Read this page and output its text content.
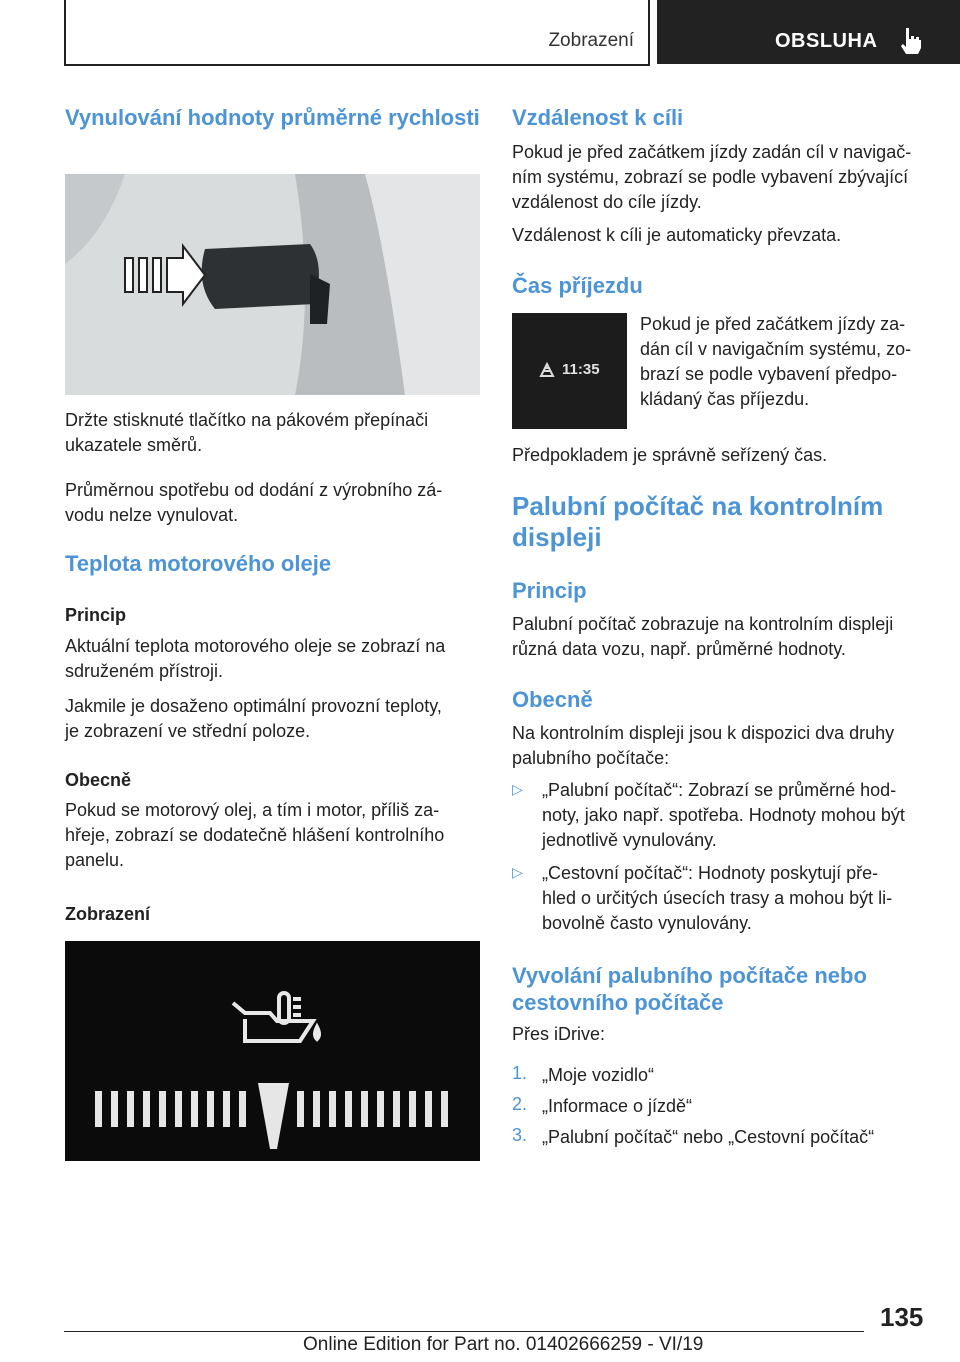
Zobrazení	OBSLUHA
Vynulování hodnoty průměrné rychlosti
Držte stisknuté tlačítko na pákovém přepínači
ukazatele směrů.
Průměrnou spotřebu od dodání z výrobního zá‐
vodu nelze vynulovat.
Teplota motorového oleje
Princip
Aktuální teplota motorového oleje se zobrazí na
sdruženém přístroji.
Jakmile je dosaženo optimální provozní teploty,
je zobrazení ve střední poloze.
Obecně
Pokud se motorový olej, a tím i motor, příliš za‐
hřeje, zobrazí se dodatečně hlášení kontrolního
panelu.
Zobrazení
Vzdálenost k cíli
Pokud je před začátkem jízdy zadán cíl v navigač‐
ním systému, zobrazí se podle vybavení zbývající
vzdálenost do cíle jízdy.
Vzdálenost k cíli je automaticky převzata.
Čas příjezdu
11:35
Pokud je před začátkem jízdy za‐
dán cíl v navigačním systému, zo‐
brazí se podle vybavení předpo‐
kládaný čas příjezdu.
Předpokladem je správně seřízený čas.
Palubní počítač na kontrolním
displeji
Princip
Palubní počítač zobrazuje na kontrolním displeji
různá data vozu, např. průměrné hodnoty.
Obecně
Na kontrolním displeji jsou k dispozici dva druhy
palubního počítače:
▷	„Palubní počítač“: Zobrazí se průměrné hod‐
noty, jako např. spotřeba. Hodnoty mohou být
jednotlivě vynulovány.
▷	„Cestovní počítač“: Hodnoty poskytují pře‐
hled o určitých úsecích trasy a mohou být li‐
bovolně často vynulovány.
Vyvolání palubního počítače nebo
cestovního počítače
Přes iDrive:
1. „Moje vozidlo“
2. „Informace o jízdě“
3. „Palubní počítač“ nebo „Cestovní počítač“
135
Online Edition for Part no. 01402666259 - VI/19
